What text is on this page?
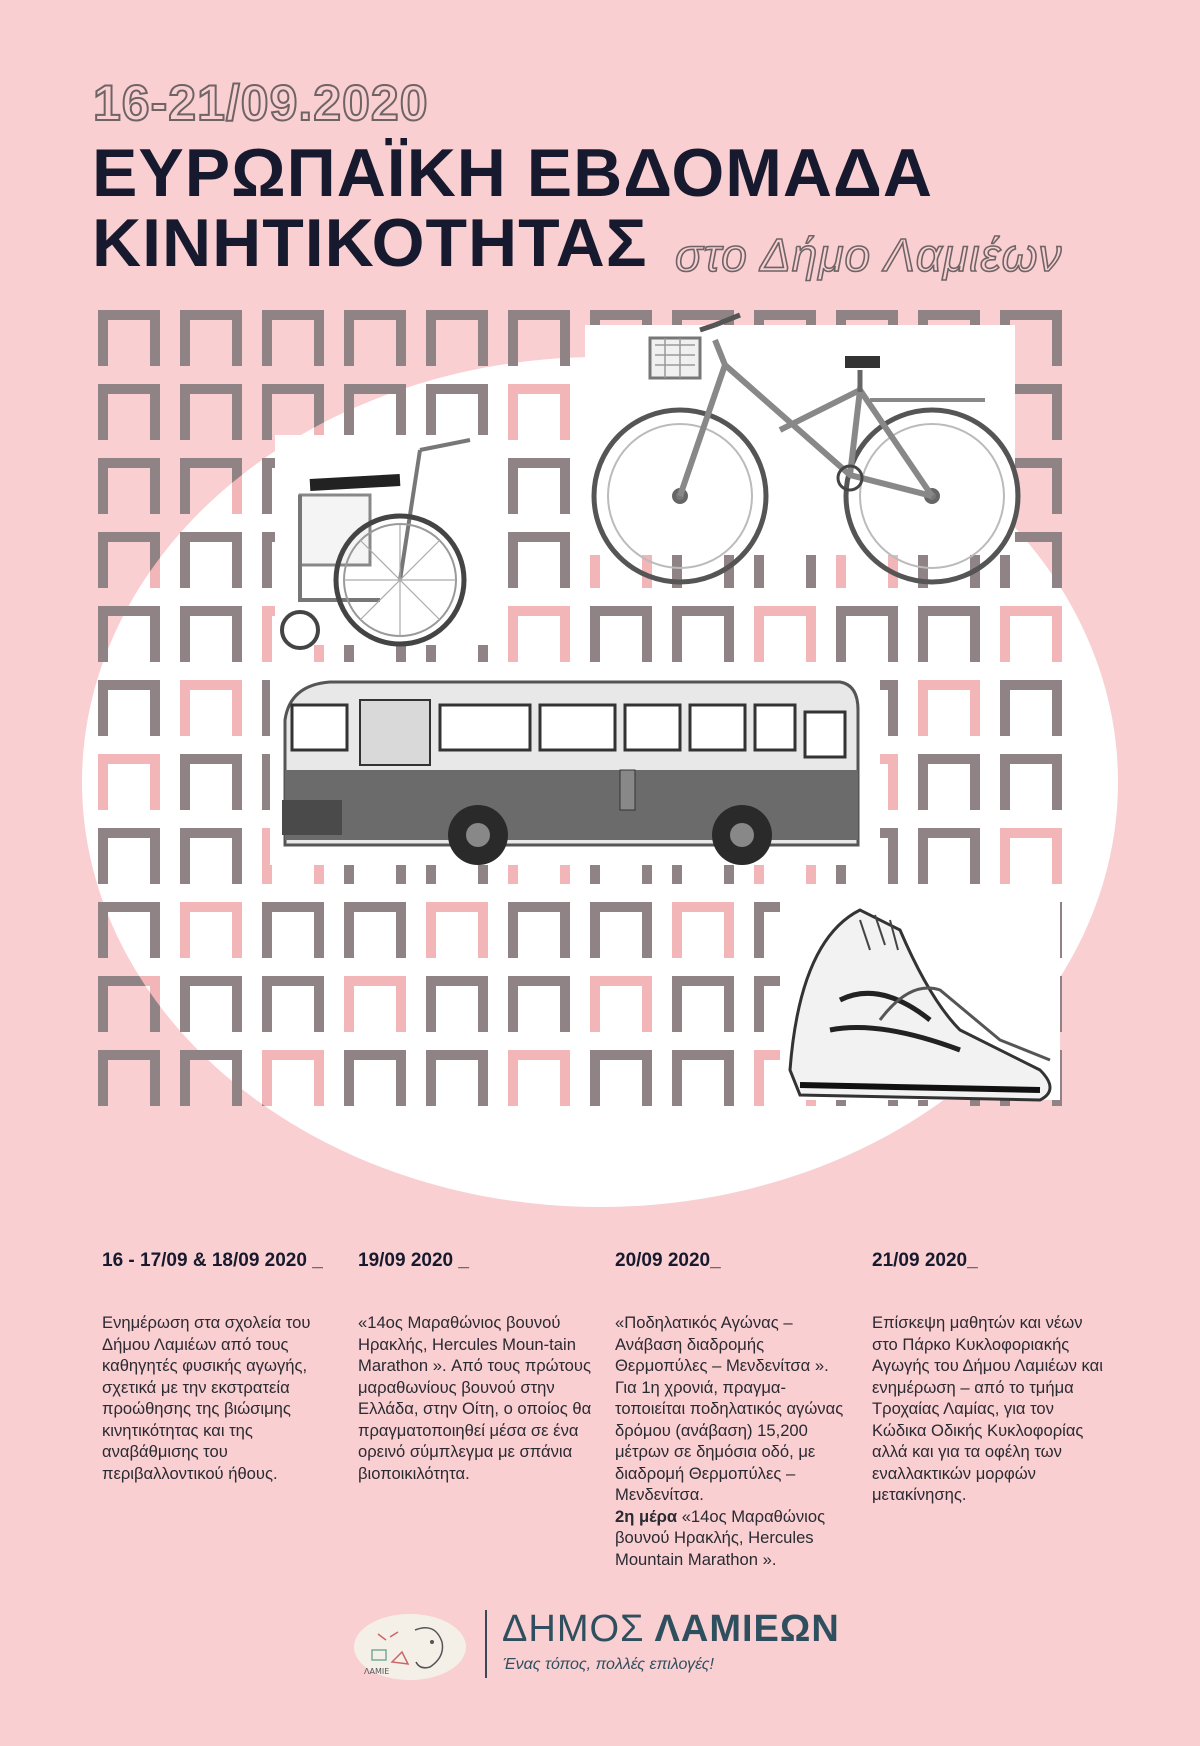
16-21/09.2020
ΕΥΡΩΠΑΪΚΗ ΕΒΔΟΜΑΔΑ
ΚΙΝΗΤΙΚΟΤΗΤΑΣ στο Δήμο Λαμιέων
16 - 17/09 & 18/09 2020 _
Ενημέρωση στα σχολεία του Δήμου Λαμιέων από τους καθηγητές φυσικής αγωγής, σχετικά με την εκστρατεία προώθησης της βιώσιμης κινητικότητας και της αναβάθμισης του περιβαλλοντικού ήθους.
19/09 2020 _
«14ος Μαραθώνιος βουνού Ηρακλής, Hercules Moun-tain Marathon ». Από τους πρώτους μαραθωνίους βουνού στην Ελλάδα, στην Οίτη, ο οποίος θα πραγματοποιηθεί μέσα σε ένα ορεινό σύμπλεγμα με σπάνια βιοποικιλότητα.
20/09 2020_
«Ποδηλατικός Αγώνας – Ανάβαση διαδρομής Θερμοπύλες – Μενδενίτσα ». Για 1η χρονιά, πραγμα-τοποιείται ποδηλατικός αγώνας δρόμου (ανάβαση) 15,200 μέτρων σε δημόσια οδό, με διαδρομή Θερμοπύλες – Μενδενίτσα.
2η μέρα «14ος Μαραθώνιος βουνού Ηρακλής, Hercules Mountain Marathon ».
21/09 2020_
Επίσκεψη μαθητών και νέων στο Πάρκο Κυκλοφοριακής Αγωγής του Δήμου Λαμιέων και ενημέρωση – από το τμήμα Τροχαίας Λαμίας, για τον Κώδικα Οδικής Κυκλοφορίας αλλά και για τα οφέλη των εναλλακτικών μορφών μετακίνησης.
ΛΑΜΙΕ
ΔΗΜΟΣ ΛΑΜΙΕΩΝ
Ένας τόπος, πολλές επιλογές!
